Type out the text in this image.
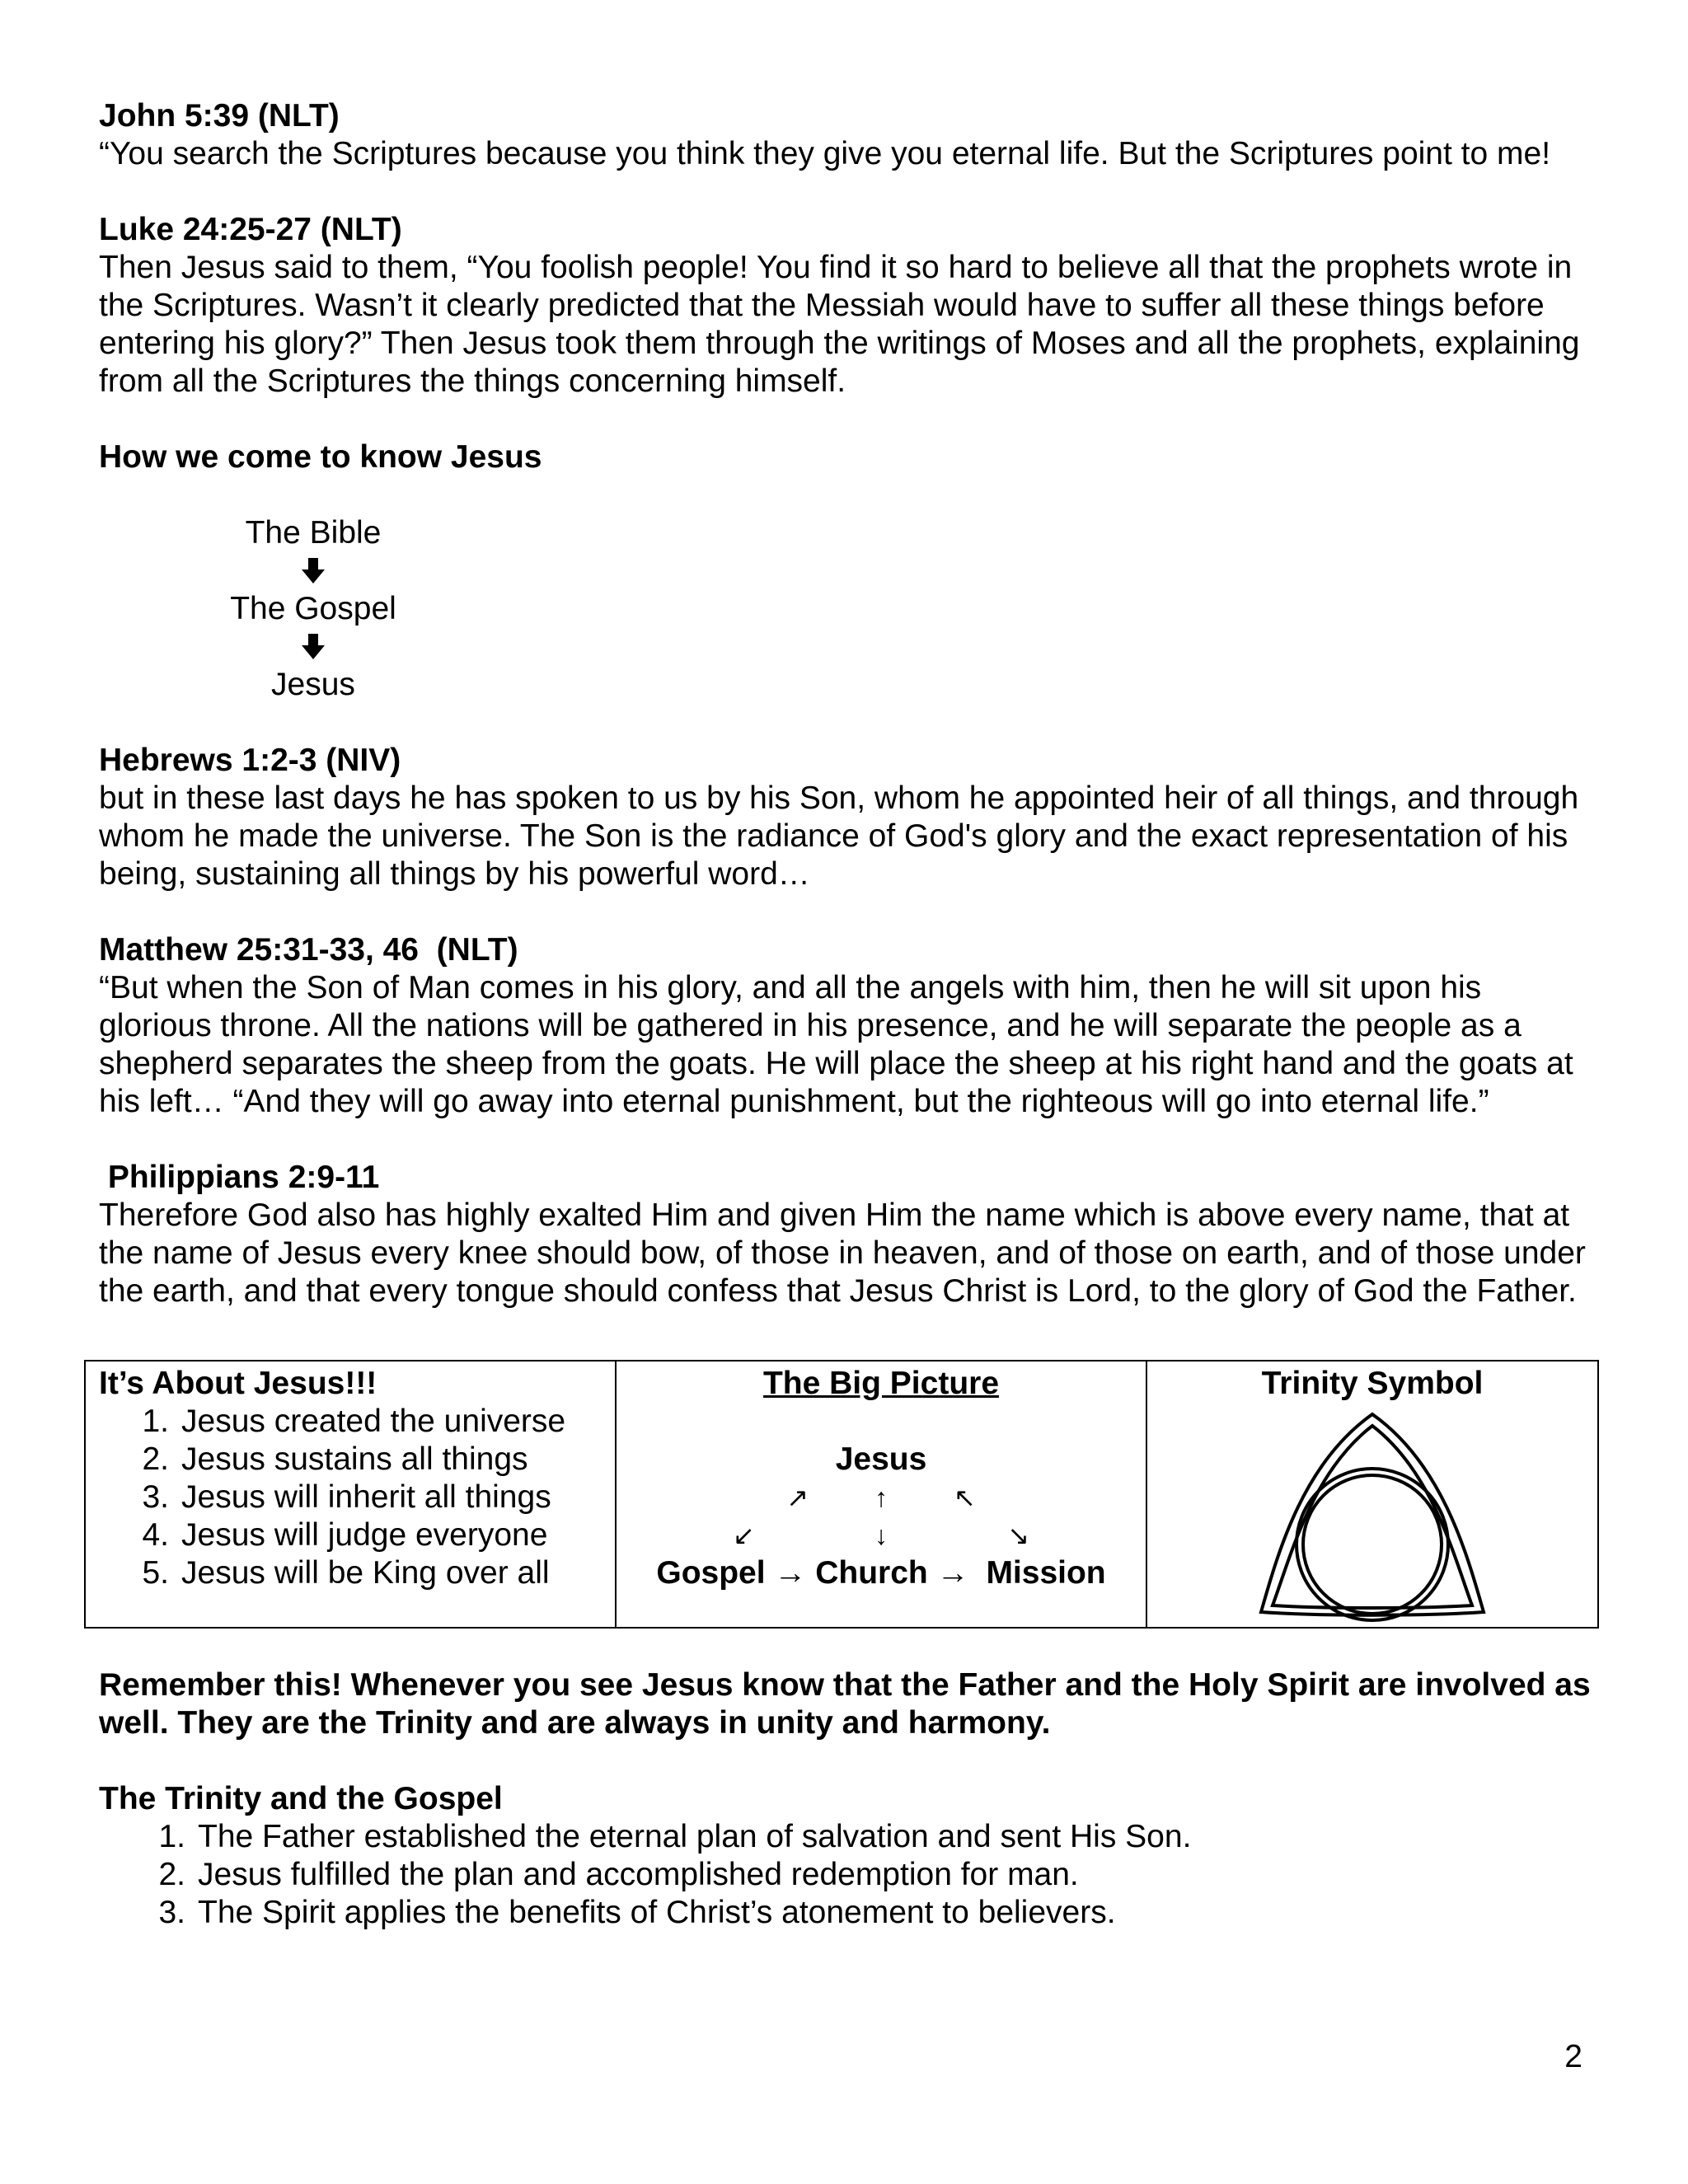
John 5:39 (NLT)
“You search the Scriptures because you think they give you eternal life. But the Scriptures point to me!
Luke 24:25-27 (NLT)
Then Jesus said to them, “You foolish people! You find it so hard to believe all that the prophets wrote in the Scriptures. Wasn’t it clearly predicted that the Messiah would have to suffer all these things before entering his glory?” Then Jesus took them through the writings of Moses and all the prophets, explaining from all the Scriptures the things concerning himself.
How we come to know Jesus
The Bible
The Gospel
Jesus
Hebrews 1:2-3 (NIV)
but in these last days he has spoken to us by his Son, whom he appointed heir of all things, and through whom he made the universe. The Son is the radiance of God's glory and the exact representation of his being, sustaining all things by his powerful word…
Matthew 25:31-33, 46  (NLT)
“But when the Son of Man comes in his glory, and all the angels with him, then he will sit upon his glorious throne. All the nations will be gathered in his presence, and he will separate the people as a shepherd separates the sheep from the goats. He will place the sheep at his right hand and the goats at his left… “And they will go away into eternal punishment, but the righteous will go into eternal life.”
Philippians 2:9-11
Therefore God also has highly exalted Him and given Him the name which is above every name, that at the name of Jesus every knee should bow, of those in heaven, and of those on earth, and of those under the earth, and that every tongue should confess that Jesus Christ is Lord, to the glory of God the Father.
It’s About Jesus!!!
1. Jesus created the universe
2. Jesus sustains all things
3. Jesus will inherit all things
4. Jesus will judge everyone
5. Jesus will be King over all

The Big Picture
Jesus
↗	↑	↖
↙	↓	↘
Gospel → Church → Mission

Trinity Symbol
Remember this! Whenever you see Jesus know that the Father and the Holy Spirit are involved as well. They are the Trinity and are always in unity and harmony.
The Trinity and the Gospel
1. The Father established the eternal plan of salvation and sent His Son.
2. Jesus fulfilled the plan and accomplished redemption for man.
3. The Spirit applies the benefits of Christ’s atonement to believers.
2
